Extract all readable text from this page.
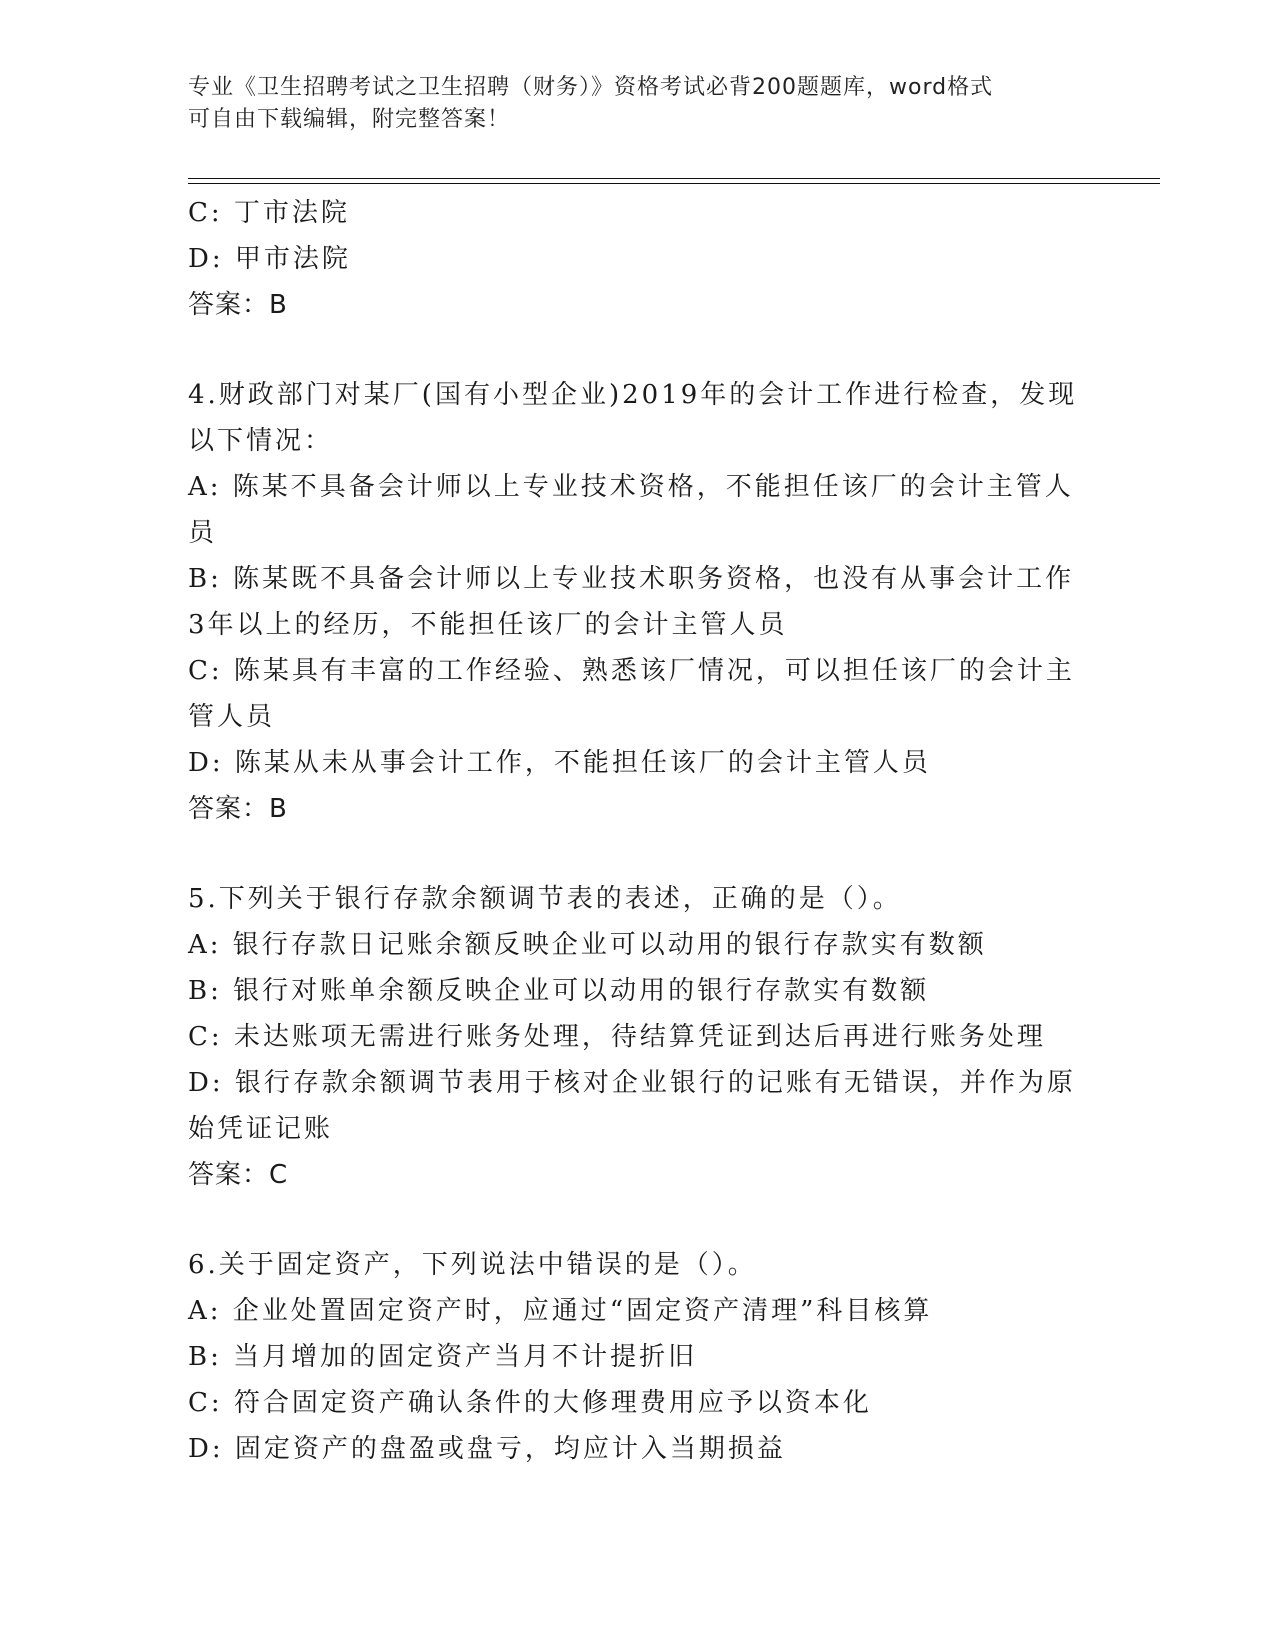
专业《卫生招聘考试之卫生招聘（财务）》资格考试必背200题题库，word格式
可自由下载编辑，附完整答案！
C: 丁市法院
D: 甲市法院
答案：B
4.财政部门对某厂(国有小型企业)2019年的会计工作进行检查，发现
以下情况：
A: 陈某不具备会计师以上专业技术资格，不能担任该厂的会计主管人
员
B: 陈某既不具备会计师以上专业技术职务资格，也没有从事会计工作
3年以上的经历，不能担任该厂的会计主管人员
C: 陈某具有丰富的工作经验、熟悉该厂情况，可以担任该厂的会计主
管人员
D: 陈某从未从事会计工作，不能担任该厂的会计主管人员
答案：B
5.下列关于银行存款余额调节表的表述，正确的是（）。
A: 银行存款日记账余额反映企业可以动用的银行存款实有数额
B: 银行对账单余额反映企业可以动用的银行存款实有数额
C: 未达账项无需进行账务处理，待结算凭证到达后再进行账务处理
D: 银行存款余额调节表用于核对企业银行的记账有无错误，并作为原
始凭证记账
答案：C
6.关于固定资产，下列说法中错误的是（）。
A: 企业处置固定资产时，应通过“固定资产清理”科目核算
B: 当月增加的固定资产当月不计提折旧
C: 符合固定资产确认条件的大修理费用应予以资本化
D: 固定资产的盘盈或盘亏，均应计入当期损益
